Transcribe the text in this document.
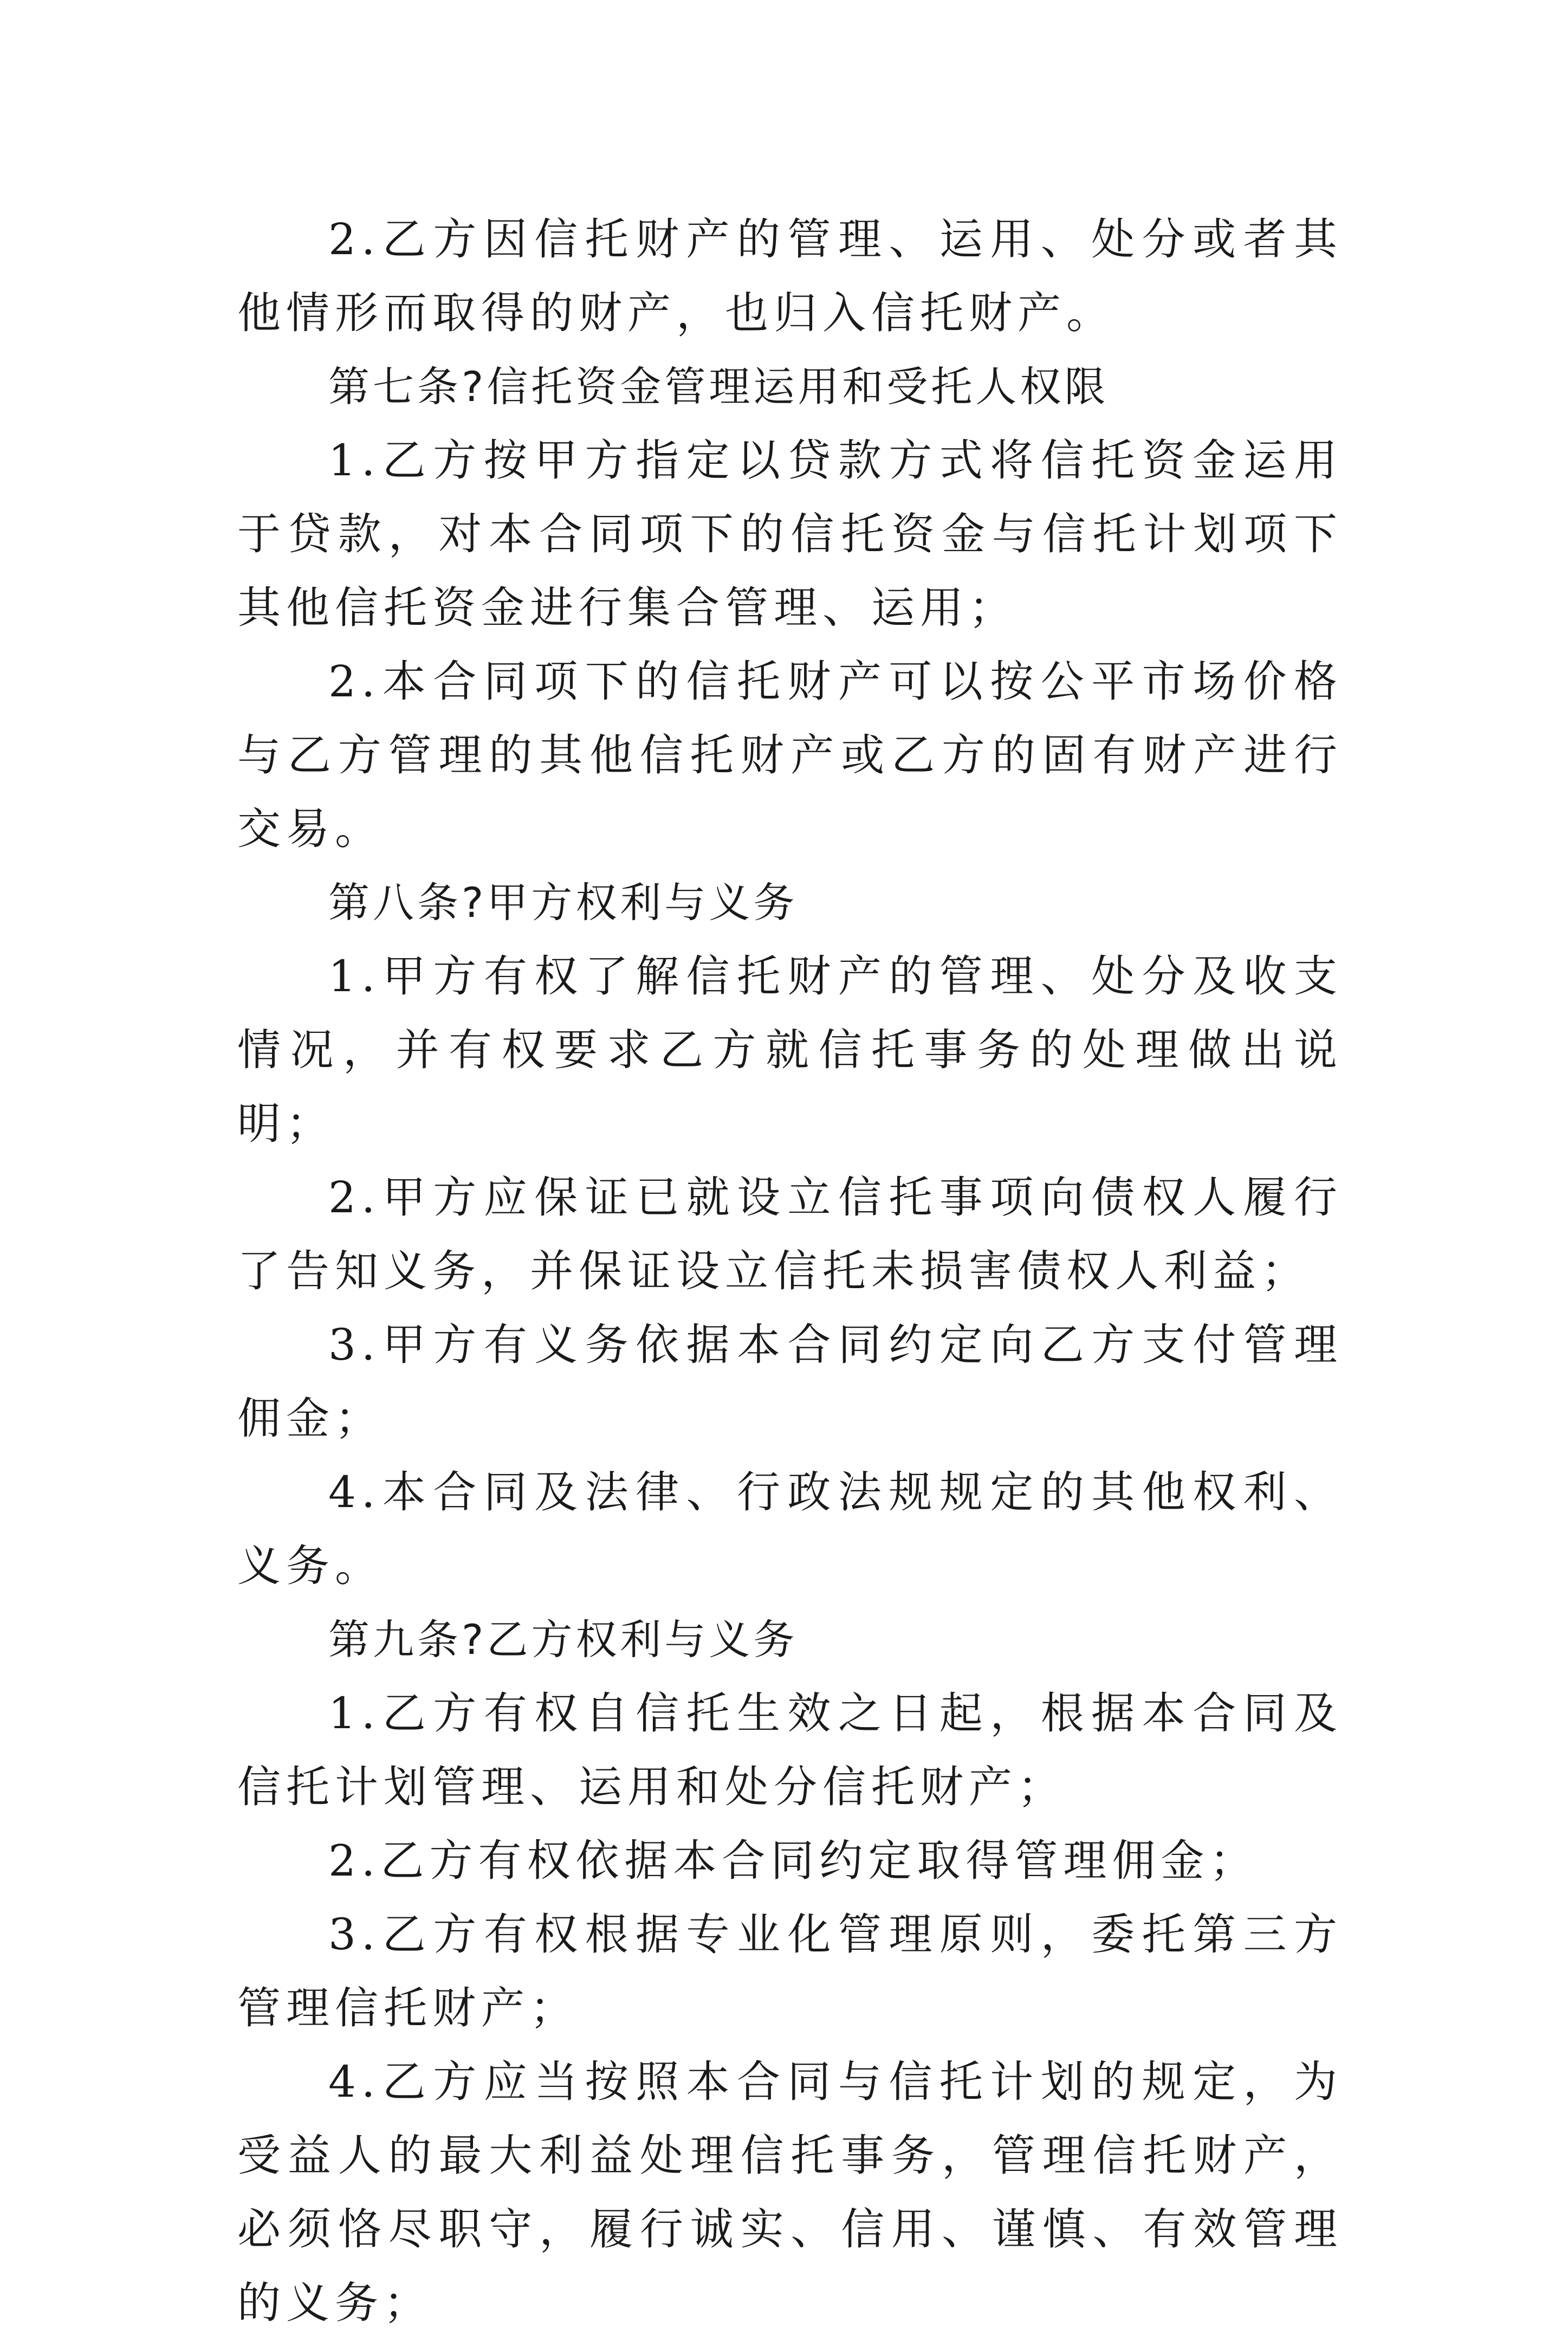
2.乙方因信托财产的管理、运用、处分或者其他情形而取得的财产，也归入信托财产。

第七条?信托资金管理运用和受托人权限

1.乙方按甲方指定以贷款方式将信托资金运用于贷款，对本合同项下的信托资金与信托计划项下其他信托资金进行集合管理、运用；

2.本合同项下的信托财产可以按公平市场价格与乙方管理的其他信托财产或乙方的固有财产进行交易。

第八条?甲方权利与义务

1.甲方有权了解信托财产的管理、处分及收支情况，并有权要求乙方就信托事务的处理做出说明；

2.甲方应保证已就设立信托事项向债权人履行了告知义务，并保证设立信托未损害债权人利益；

3.甲方有义务依据本合同约定向乙方支付管理佣金；

4.本合同及法律、行政法规规定的其他权利、义务。

第九条?乙方权利与义务

1.乙方有权自信托生效之日起，根据本合同及信托计划管理、运用和处分信托财产；

2.乙方有权依据本合同约定取得管理佣金；

3.乙方有权根据专业化管理原则，委托第三方管理信托财产；

4.乙方应当按照本合同与信托计划的规定，为受益人的最大利益处理信托事务，管理信托财产，必须恪尽职守，履行诚实、信用、谨慎、有效管理的义务；
